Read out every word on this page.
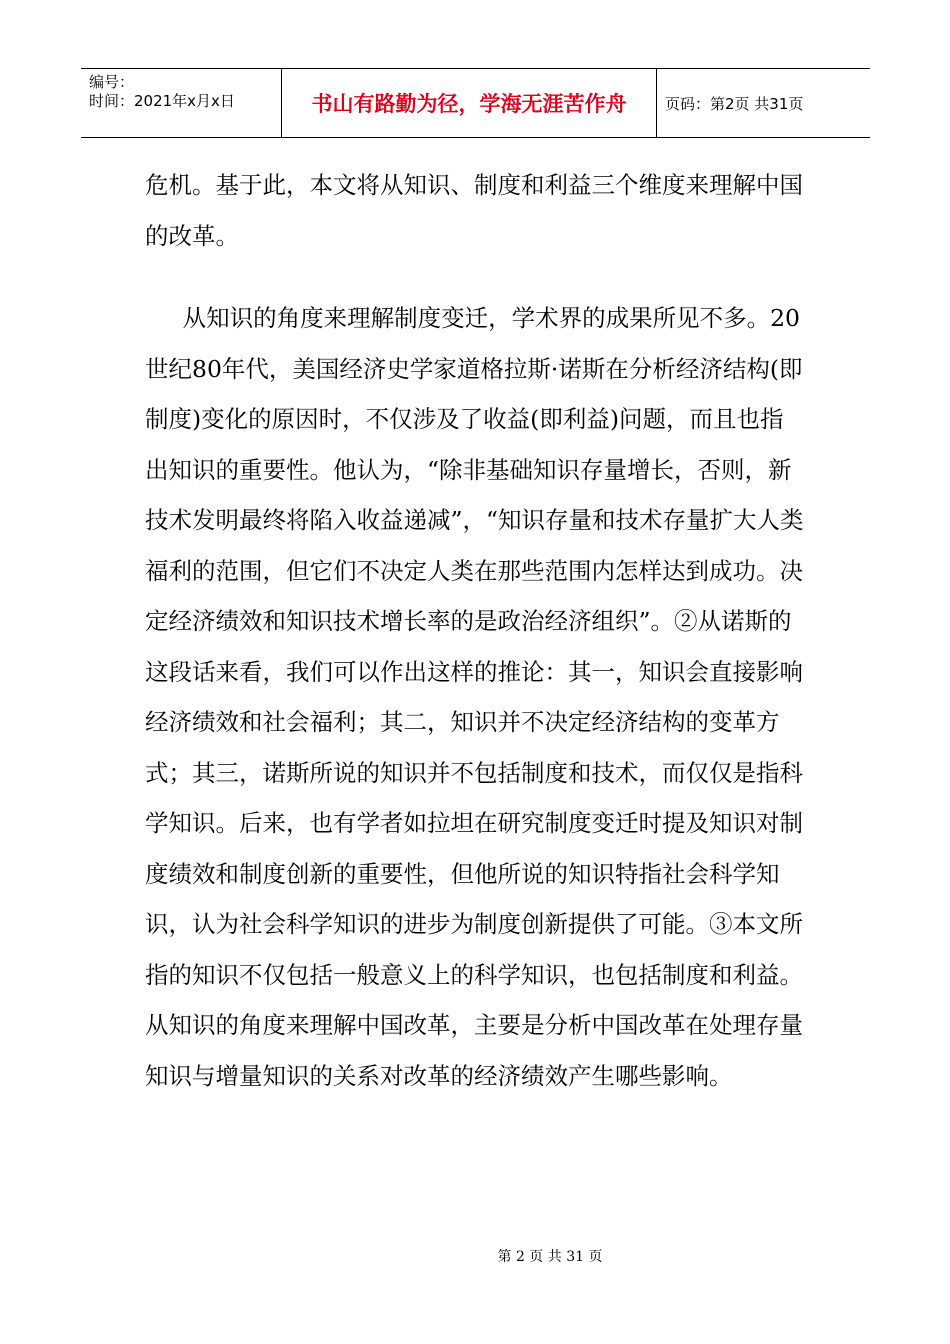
编号：
时间：2021年x月x日	书山有路勤为径，学海无涯苦作舟	页码：第2页 共31页

危机。基于此，本文将从知识、制度和利益三个维度来理解中国的改革。

从知识的角度来理解制度变迁，学术界的成果所见不多。20世纪80年代，美国经济史学家道格拉斯·诺斯在分析经济结构(即制度)变化的原因时，不仅涉及了收益(即利益)问题，而且也指出知识的重要性。他认为，“除非基础知识存量增长，否则，新技术发明最终将陷入收益递减”，“知识存量和技术存量扩大人类福利的范围，但它们不决定人类在那些范围内怎样达到成功。决定经济绩效和知识技术增长率的是政治经济组织”。②从诺斯的这段话来看，我们可以作出这样的推论：其一，知识会直接影响经济绩效和社会福利；其二，知识并不决定经济结构的变革方式；其三，诺斯所说的知识并不包括制度和技术，而仅仅是指科学知识。后来，也有学者如拉坦在研究制度变迁时提及知识对制度绩效和制度创新的重要性，但他所说的知识特指社会科学知识，认为社会科学知识的进步为制度创新提供了可能。③本文所指的知识不仅包括一般意义上的科学知识，也包括制度和利益。从知识的角度来理解中国改革，主要是分析中国改革在处理存量知识与增量知识的关系对改革的经济绩效产生哪些影响。

第 2 页 共 31 页
